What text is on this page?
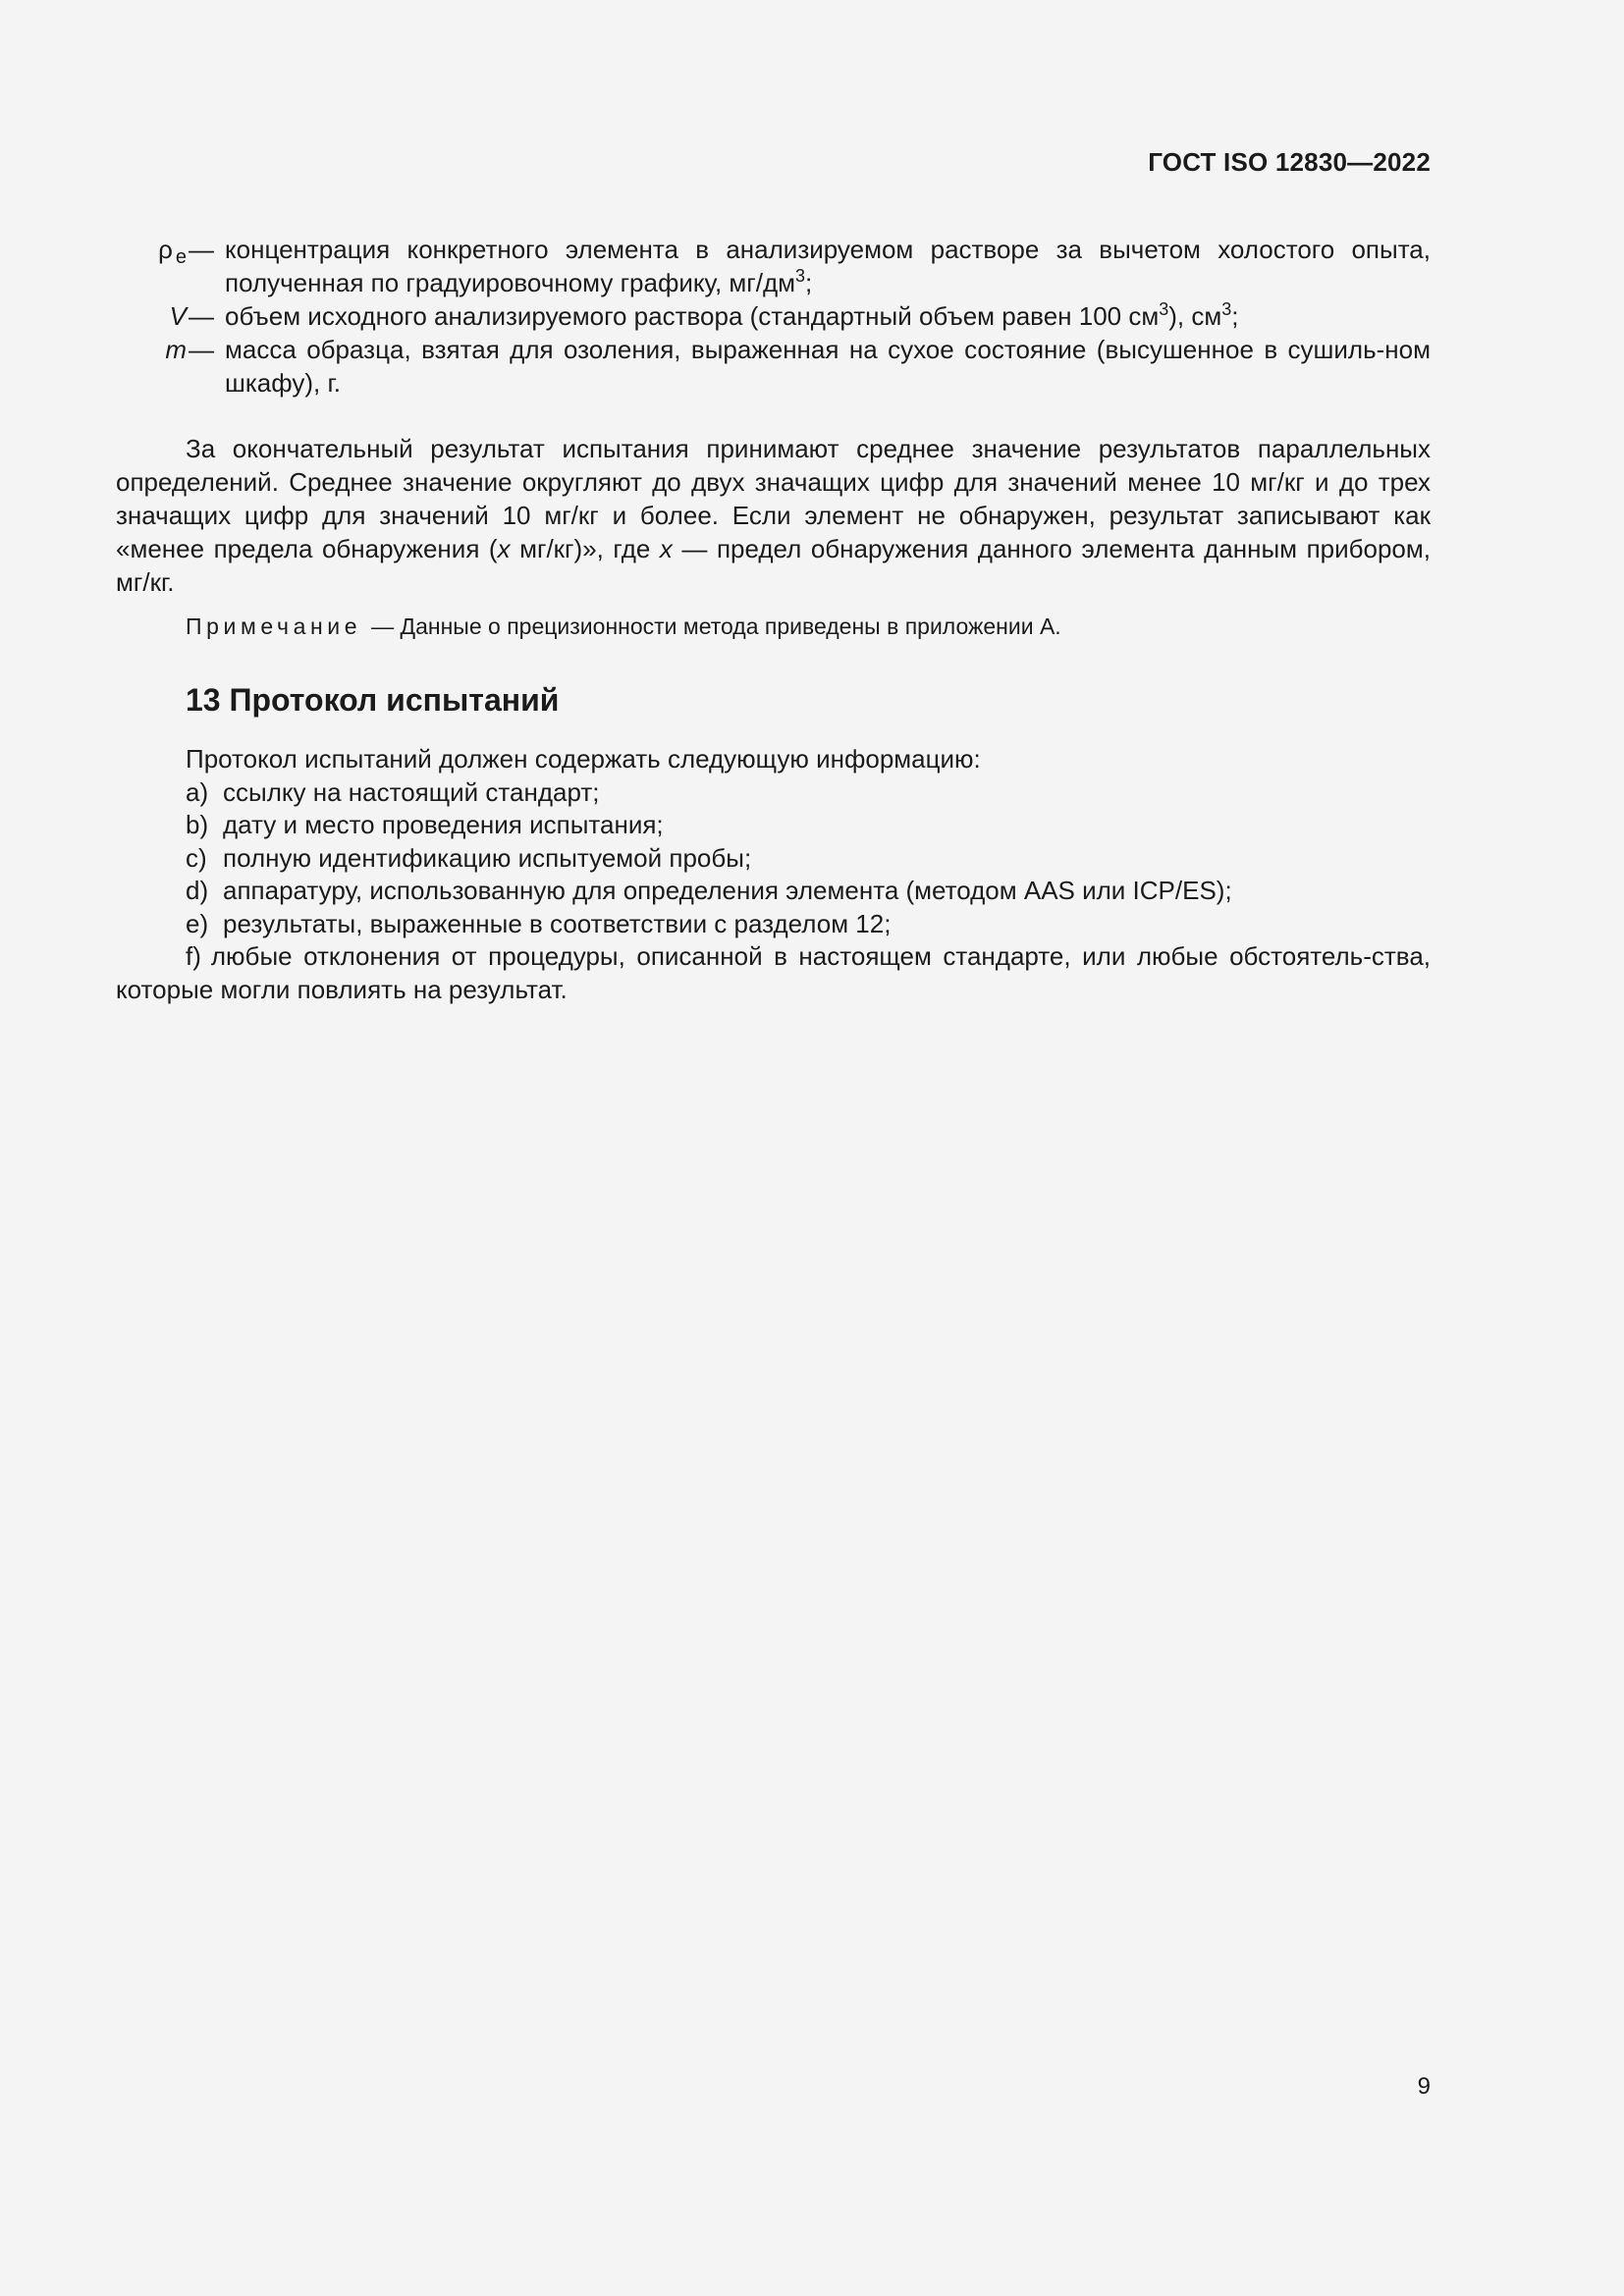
ГОСТ ISO 12830—2022
ρ $_e$ — концентрация конкретного элемента в анализируемом растворе за вычетом холостого опыта, полученная по градуировочному графику, $мг/дм^3$;
V — объем исходного анализируемого раствора (стандартный объем равен 100 $см^3$), $см^3$;
m — масса образца, взятая для озоления, выраженная на сухое состояние (высушенное в сушиль-ном шкафу), г.

За окончательный результат испытания принимают среднее значение результатов параллельных определений. Среднее значение округляют до двух значащих цифр для значений менее 10 мг/кг и до трех значащих цифр для значений 10 мг/кг и более. Если элемент не обнаружен, результат записывают как «менее предела обнаружения (x мг/кг)», где x — предел обнаружения данного элемента данным прибором, мг/кг.

Примечание — Данные о прецизионности метода приведены в приложении А.
13 Протокол испытаний
Протокол испытаний должен содержать следующую информацию:
a) ссылку на настоящий стандарт;
b) дату и место проведения испытания;
c) полную идентификацию испытуемой пробы;
d) аппаратуру, использованную для определения элемента (методом AAS или ICP/ES);
e) результаты, выраженные в соответствии с разделом 12;
f) любые отклонения от процедуры, описанной в настоящем стандарте, или любые обстоятель-ства, которые могли повлиять на результат.
9
